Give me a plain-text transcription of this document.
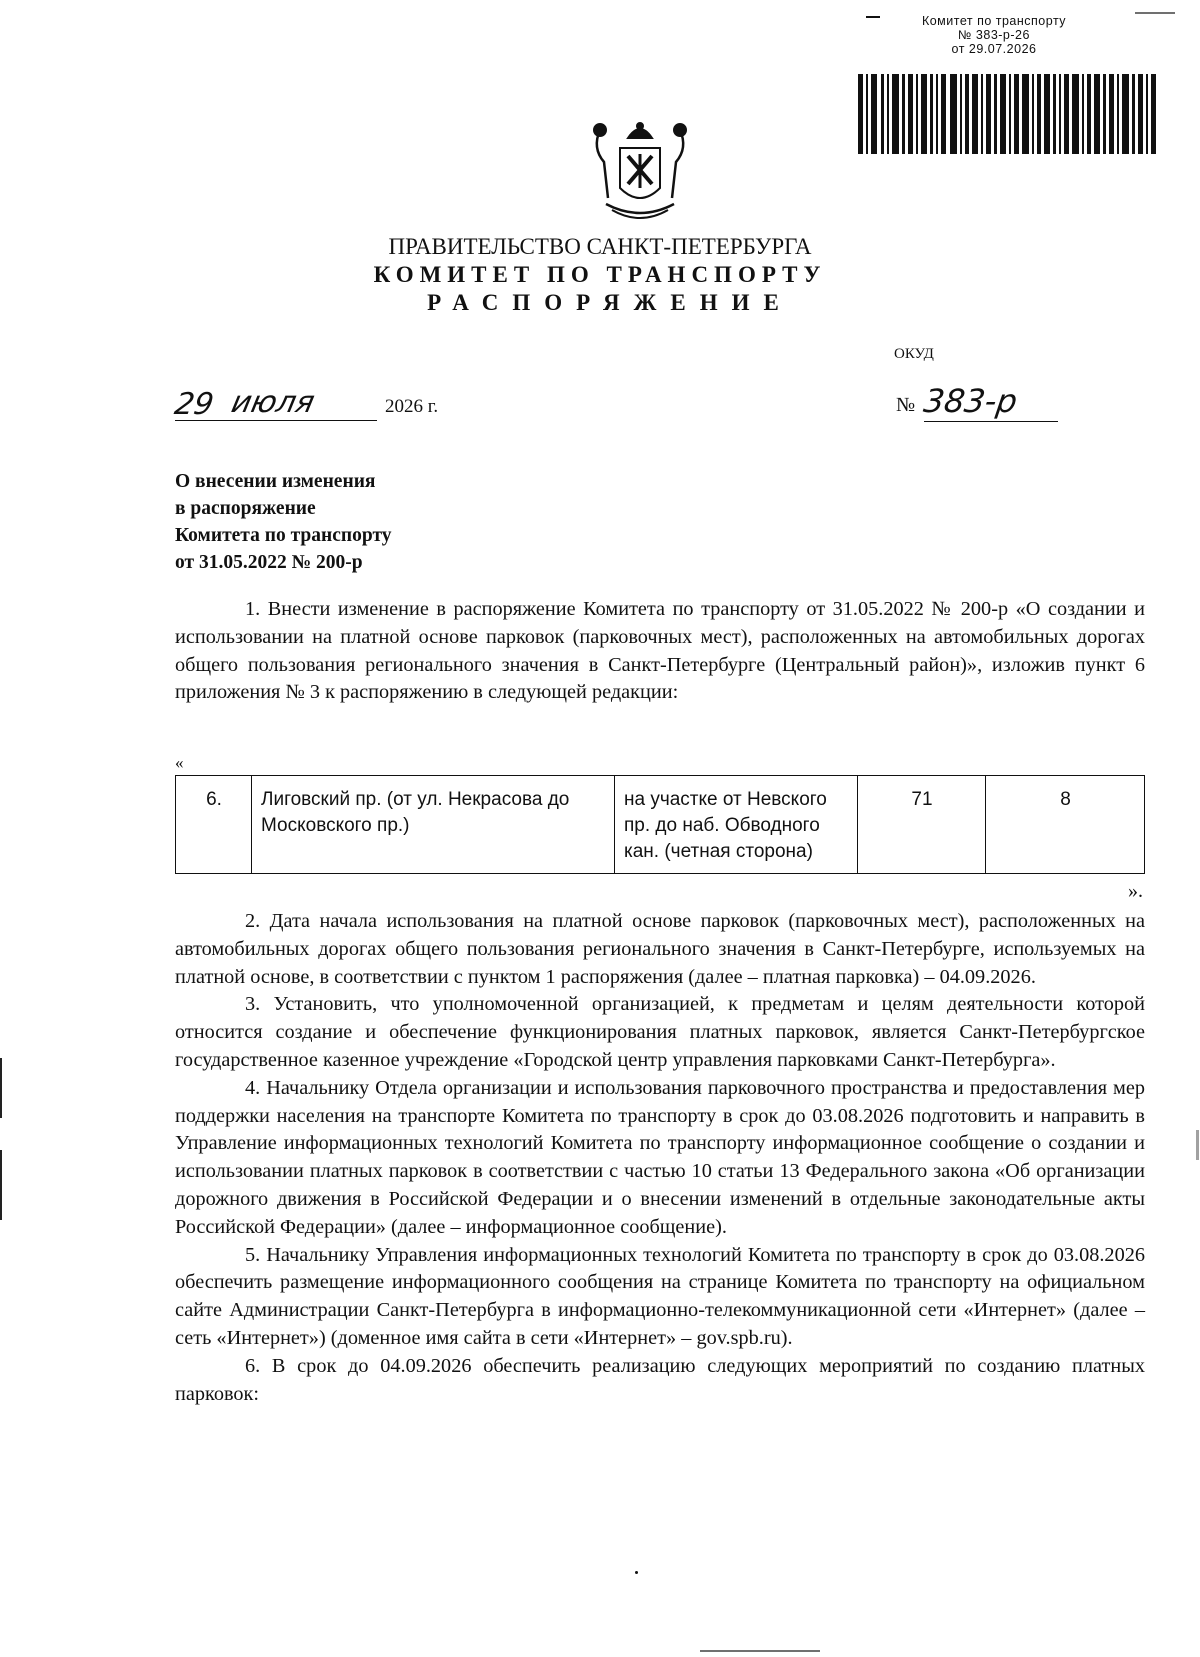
Комитет по транспорту
№ 383-р-26
от 29.07.2026
ПРАВИТЕЛЬСТВО САНКТ-ПЕТЕРБУРГА
КОМИТЕТ ПО ТРАНСПОРТУ
РАСПОРЯЖЕНИЕ
ОКУД
29 июля	2026 г.	№ 383-р
О внесении изменения
в распоряжение
Комитета по транспорту
от 31.05.2022 № 200-р

1. Внести изменение в распоряжение Комитета по транспорту от 31.05.2022 № 200-р «О создании и использовании на платной основе парковок (парковочных мест), расположенных на автомобильных дорогах общего пользования регионального значения в Санкт-Петербурге (Центральный район)», изложив пункт 6 приложения № 3 к распоряжению в следующей редакции:

«
6.	Лиговский пр. (от ул. Некрасова до Московского пр.)	на участке от Невского пр. до наб. Обводного кан. (четная сторона)	71	8
».

2. Дата начала использования на платной основе парковок (парковочных мест), расположенных на автомобильных дорогах общего пользования регионального значения в Санкт-Петербурге, используемых на платной основе, в соответствии с пунктом 1 распоряжения (далее – платная парковка) – 04.09.2026.

3. Установить, что уполномоченной организацией, к предметам и целям деятельности которой относится создание и обеспечение функционирования платных парковок, является Санкт-Петербургское государственное казенное учреждение «Городской центр управления парковками Санкт-Петербурга».

4. Начальнику Отдела организации и использования парковочного пространства и предоставления мер поддержки населения на транспорте Комитета по транспорту в срок до 03.08.2026 подготовить и направить в Управление информационных технологий Комитета по транспорту информационное сообщение о создании и использовании платных парковок в соответствии с частью 10 статьи 13 Федерального закона «Об организации дорожного движения в Российской Федерации и о внесении изменений в отдельные законодательные акты Российской Федерации» (далее – информационное сообщение).

5. Начальнику Управления информационных технологий Комитета по транспорту в срок до 03.08.2026 обеспечить размещение информационного сообщения на странице Комитета по транспорту на официальном сайте Администрации Санкт-Петербурга в информационно-телекоммуникационной сети «Интернет» (далее – сеть «Интернет») (доменное имя сайта в сети «Интернет» – gov.spb.ru).

6. В срок до 04.09.2026 обеспечить реализацию следующих мероприятий по созданию платных парковок:
